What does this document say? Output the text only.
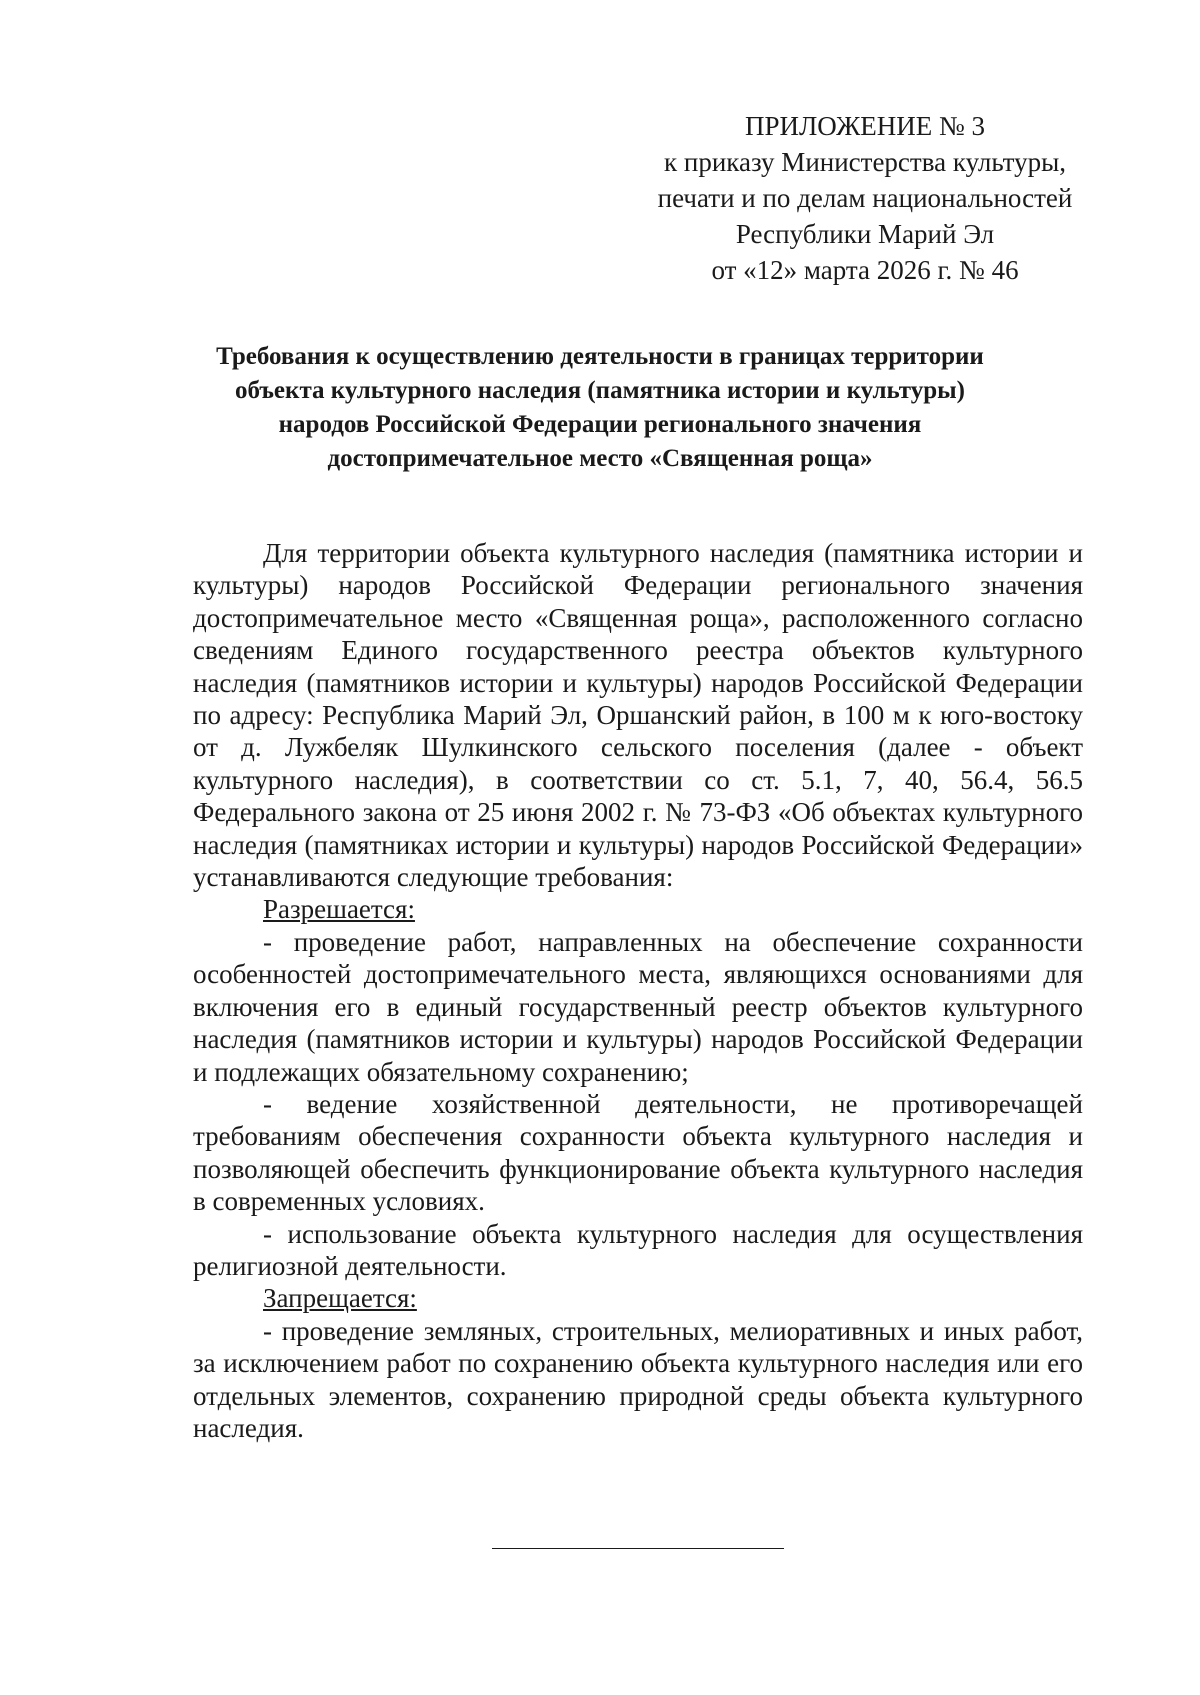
ПРИЛОЖЕНИЕ № 3
к приказу Министерства культуры,
печати и по делам национальностей
Республики Марий Эл
от «12» марта 2026 г. № 46
Требования к осуществлению деятельности в границах территории
объекта культурного наследия (памятника истории и культуры)
народов Российской Федерации регионального значения
достопримечательное место «Священная роща»

Для территории объекта культурного наследия (памятника истории и культуры) народов Российской Федерации регионального значения достопримечательное место «Священная роща», расположенного согласно сведениям Единого государственного реестра объектов культурного наследия (памятников истории и культуры) народов Российской Федерации по адресу: Республика Марий Эл, Оршанский район, в 100 м к юго-востоку от д. Лужбеляк Шулкинского сельского поселения (далее - объект культурного наследия), в соответствии со ст. 5.1, 7, 40, 56.4, 56.5 Федерального закона от 25 июня 2002 г. № 73-ФЗ «Об объектах культурного наследия (памятниках истории и культуры) народов Российской Федерации» устанавливаются следующие требования:

Разрешается:

- проведение работ, направленных на обеспечение сохранности особенностей достопримечательного места, являющихся основаниями для включения его в единый государственный реестр объектов культурного наследия (памятников истории и культуры) народов Российской Федерации и подлежащих обязательному сохранению;

- ведение хозяйственной деятельности, не противоречащей требованиям обеспечения сохранности объекта культурного наследия и позволяющей обеспечить функционирование объекта культурного наследия в современных условиях.

- использование объекта культурного наследия для осуществления религиозной деятельности.

Запрещается:

- проведение земляных, строительных, мелиоративных и иных работ, за исключением работ по сохранению объекта культурного наследия или его отдельных элементов, сохранению природной среды объекта культурного наследия.
